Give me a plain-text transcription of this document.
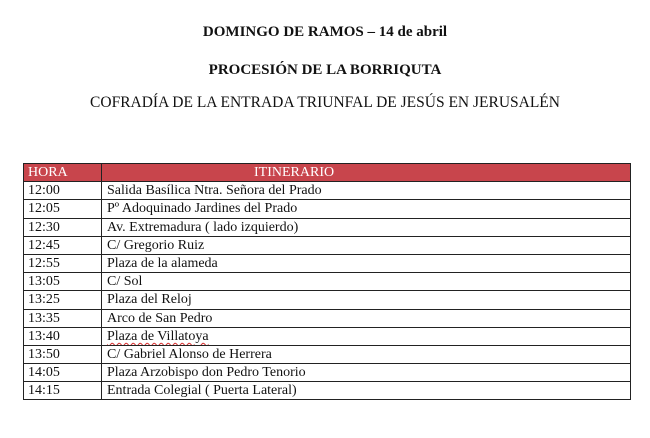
DOMINGO DE RAMOS – 14 de abril
PROCESIÓN DE LA BORRIQUTA
COFRADÍA DE LA ENTRADA TRIUNFAL DE JESÚS EN JERUSALÉN
HORA	ITINERARIO
12:00	Salida Basílica Ntra. Señora del Prado
12:05	Pº Adoquinado Jardines del Prado
12:30	Av. Extremadura ( lado izquierdo)
12:45	C/ Gregorio Ruiz
12:55	Plaza de la alameda
13:05	C/ Sol
13:25	Plaza del Reloj
13:35	Arco de San Pedro
13:40	Plaza de Villatoya
13:50	C/ Gabriel Alonso de Herrera
14:05	Plaza Arzobispo don Pedro Tenorio
14:15	Entrada Colegial ( Puerta Lateral)
